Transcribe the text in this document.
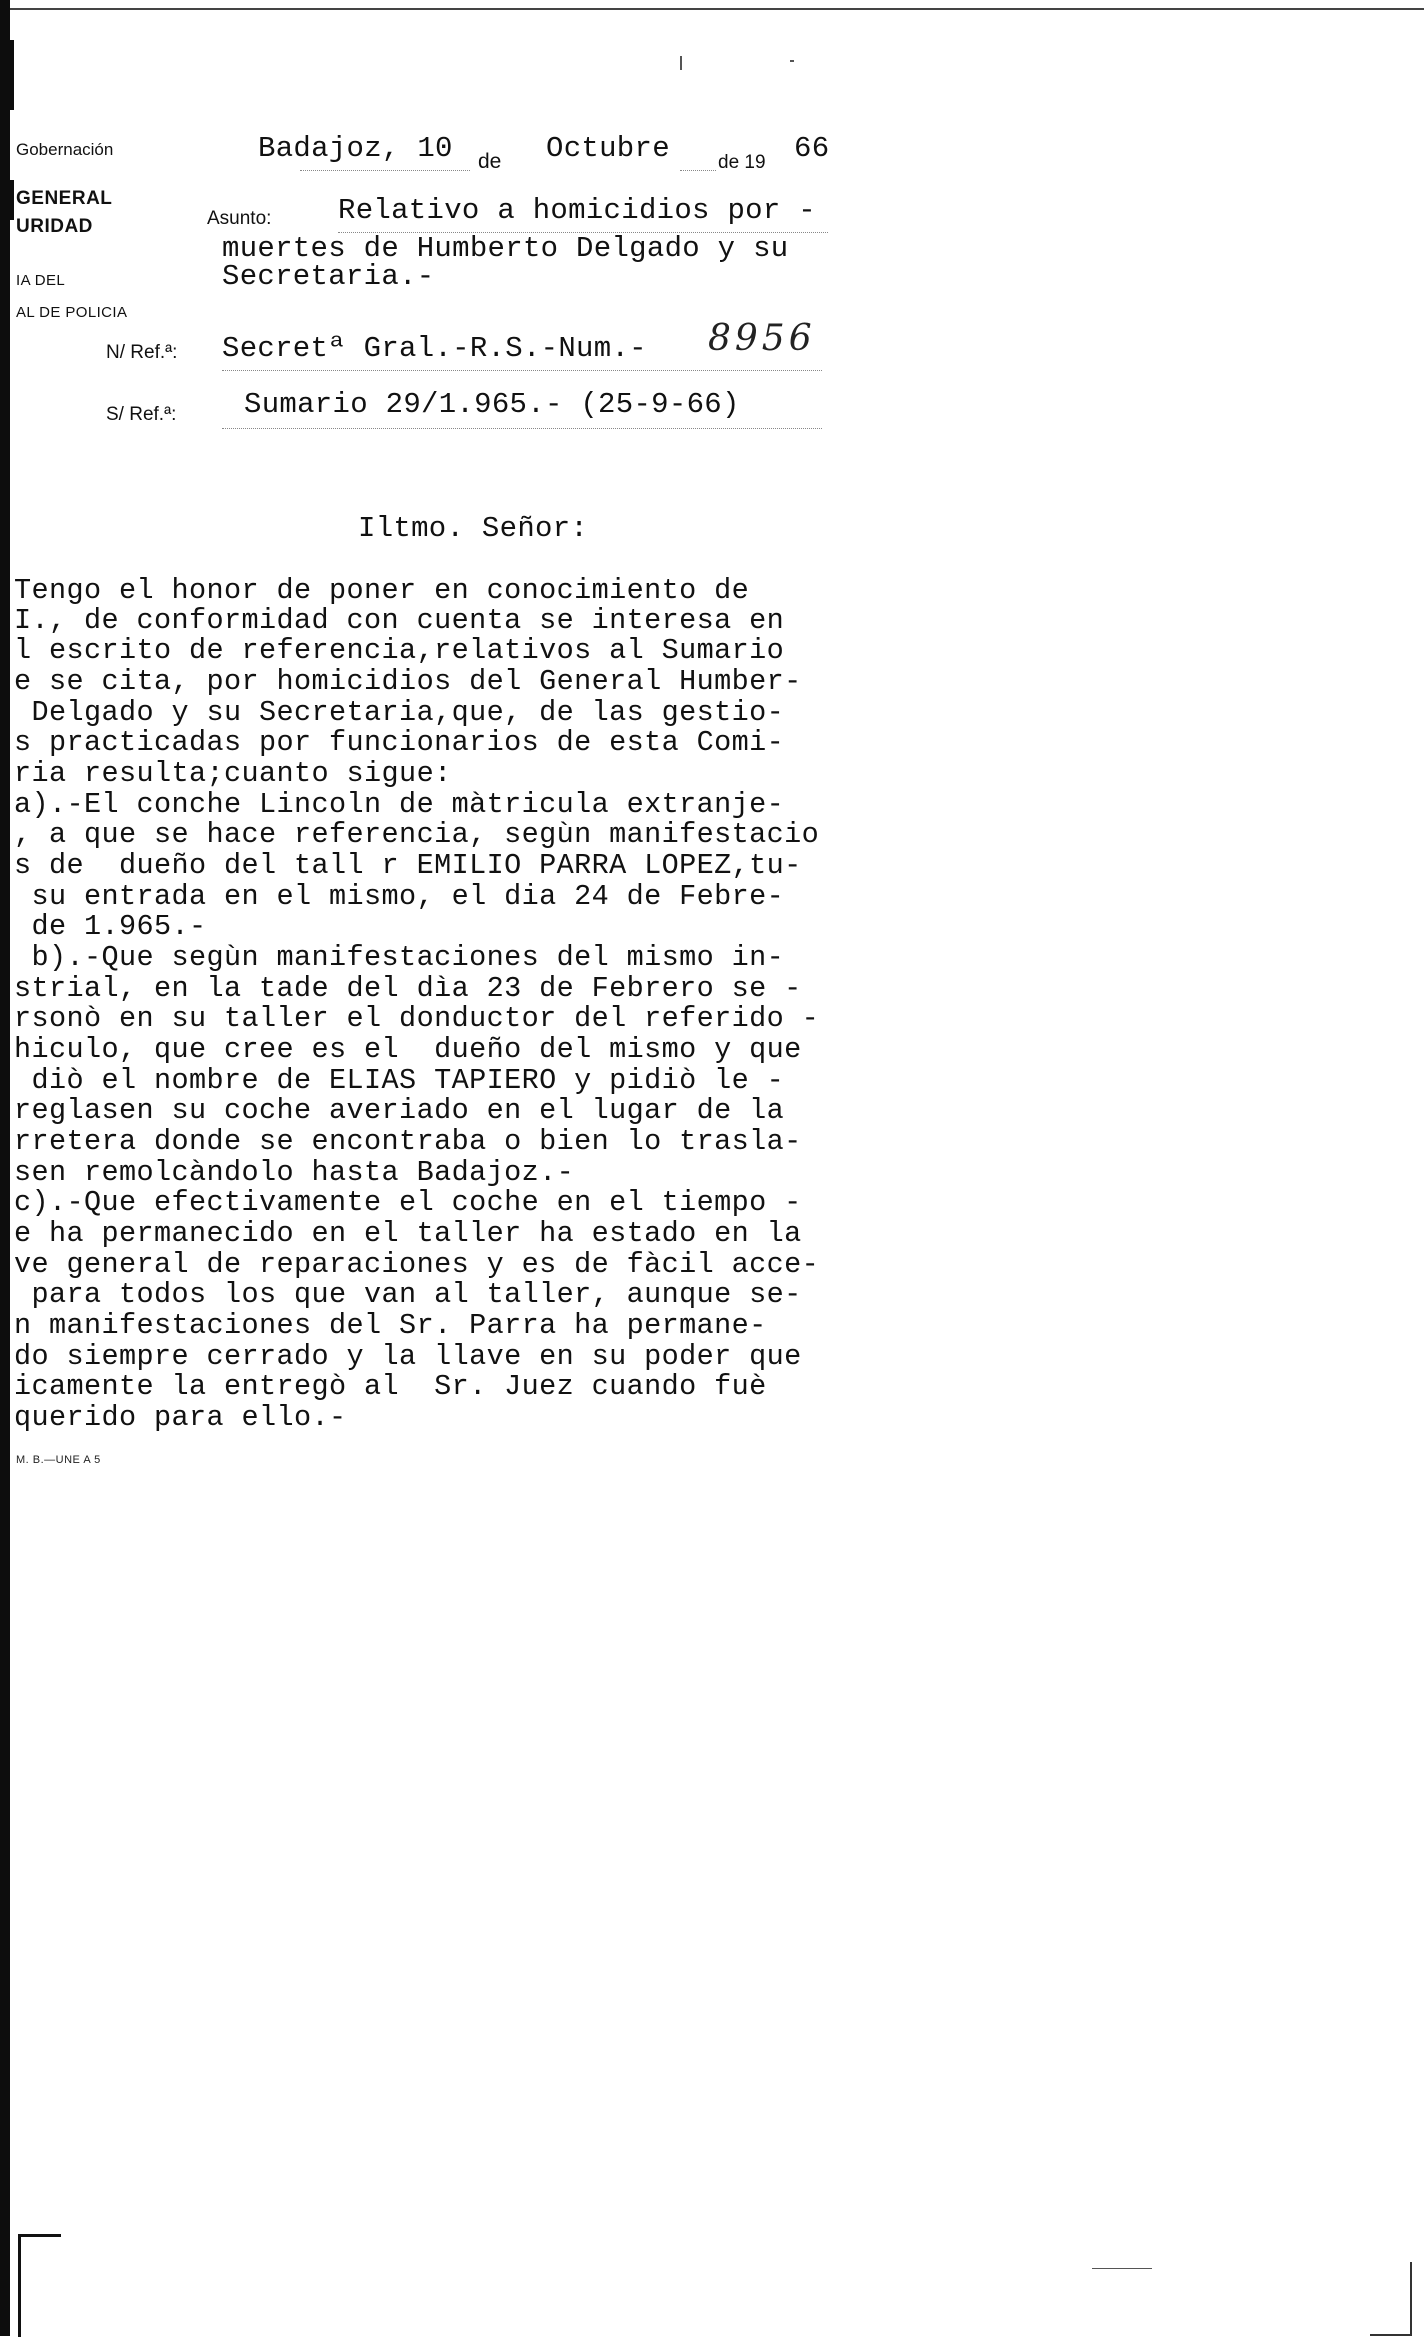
Gobernación
GENERAL
URIDAD
IA DEL
AL DE POLICIA
Badajoz, 10 de Octubre	de 19 66
Asunto: Relativo a homicidios por -
muertes de Humberto Delgado y su
Secretaria.-
N/ Ref.ª: Secretª Gral.-R.S.-Num.- 8956
S/ Ref.ª: Sumario 29/1.965.- (25-9-66)
Iltmo. Señor:
Tengo el honor de poner en conocimiento de
I., de conformidad con cuenta se interesa en
l escrito de referencia,relativos al Sumario
e se cita, por homicidios del General Humber-
Delgado y su Secretaria,que, de las gestio-
s practicadas por funcionarios de esta Comi-
ria resulta;cuanto sigue:
a).-El conche Lincoln de màtricula extranje-
, a que se hace referencia, segùn manifestacio
s de  dueño del tall r EMILIO PARRA LOPEZ,tu-
su entrada en el mismo, el dia 24 de Febre-
de 1.965.-
b).-Que segùn manifestaciones del mismo in-
strial, en la tade del dìa 23 de Febrero se -
rsonò en su taller el donductor del referido -
hiculo, que cree es el  dueño del mismo y que
diò el nombre de ELIAS TAPIERO y pidiò le -
reglasen su coche averiado en el lugar de la
rretera donde se encontraba o bien lo trasla-
sen remolcàndolo hasta Badajoz.-
c).-Que efectivamente el coche en el tiempo -
e ha permanecido en el taller ha estado en la
ve general de reparaciones y es de fàcil acce-
para todos los que van al taller, aunque se-
n manifestaciones del Sr. Parra ha permane-
do siempre cerrado y la llave en su poder que
icamente la entregò al  Sr. Juez cuando fuè
querido para ello.-
M. B.—UNE A 5
